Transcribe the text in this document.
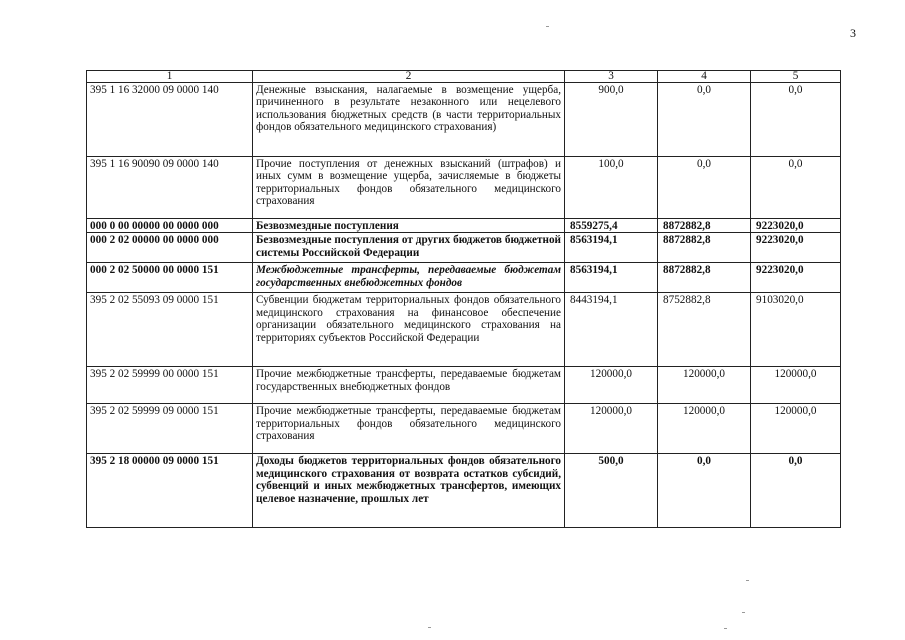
3
1	2	3	4	5
395 1 16 32000 09 0000 140	Денежные взыскания, налагаемые в возмещение ущерба, причиненного в результате незаконного или нецелевого использования бюджетных средств (в части территориальных фондов обязательного медицинского страхования)	900,0	0,0	0,0
395 1 16 90090 09 0000 140	Прочие поступления от денежных взысканий (штрафов) и иных сумм в возмещение ущерба, зачисляемые в бюджеты территориальных фондов обязательного медицинского страхования	100,0	0,0	0,0
000 0 00 00000 00 0000 000	Безвозмездные поступления	8559275,4	8872882,8	9223020,0
000 2 02 00000 00 0000 000	Безвозмездные поступления от других бюджетов бюджетной системы Российской Федерации	8563194,1	8872882,8	9223020,0
000 2 02 50000 00 0000 151	Межбюджетные трансферты, передаваемые бюджетам государственных внебюджетных фондов	8563194,1	8872882,8	9223020,0
395 2 02 55093 09 0000 151	Субвенции бюджетам территориальных фондов обязательного медицинского страхования на финансовое обеспечение организации обязательного медицинского страхования на территориях субъектов Российской Федерации	8443194,1	8752882,8	9103020,0
395 2 02 59999 00 0000 151	Прочие межбюджетные трансферты, передаваемые бюджетам государственных внебюджетных фондов	120000,0	120000,0	120000,0
395 2 02 59999 09 0000 151	Прочие межбюджетные трансферты, передаваемые бюджетам территориальных фондов обязательного медицинского страхования	120000,0	120000,0	120000,0
395 2 18 00000 09 0000 151	Доходы бюджетов территориальных фондов обязательного медицинского страхования от возврата остатков субсидий, субвенций и иных межбюджетных трансфертов, имеющих целевое назначение, прошлых лет	500,0	0,0	0,0
